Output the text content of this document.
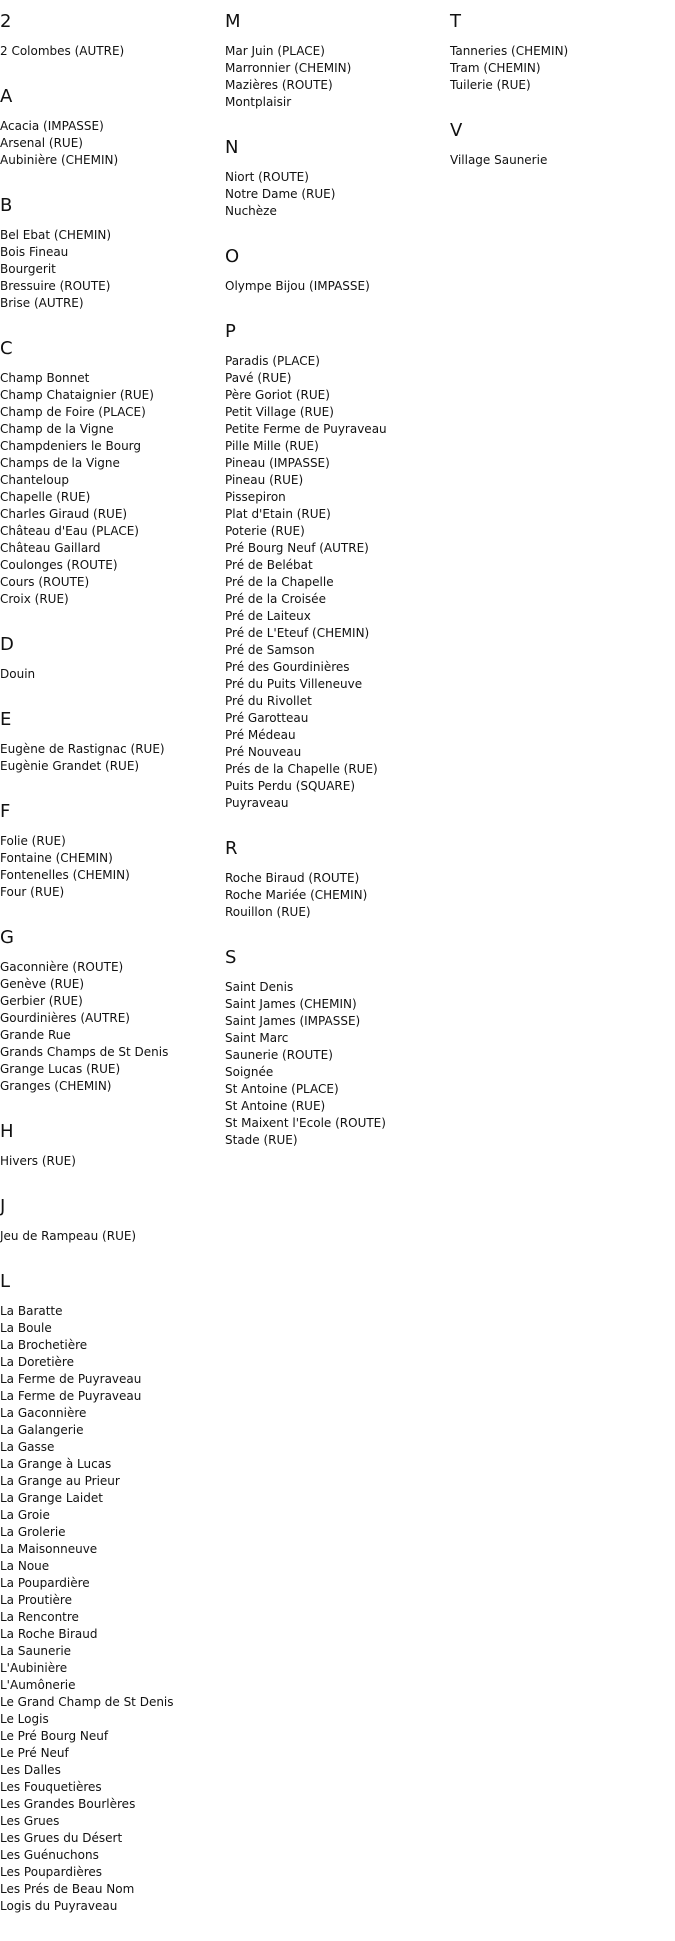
2
2 Colombes (AUTRE)
A
Acacia (IMPASSE)
Arsenal (RUE)
Aubinière (CHEMIN)
B
Bel Ebat (CHEMIN)
Bois Fineau
Bourgerit
Bressuire (ROUTE)
Brise (AUTRE)
C
Champ Bonnet
Champ Chataignier (RUE)
Champ de Foire (PLACE)
Champ de la Vigne
Champdeniers le Bourg
Champs de la Vigne
Chanteloup
Chapelle (RUE)
Charles Giraud (RUE)
Château d'Eau (PLACE)
Château Gaillard
Coulonges (ROUTE)
Cours (ROUTE)
Croix (RUE)
D
Douin
E
Eugène de Rastignac (RUE)
Eugènie Grandet (RUE)
F
Folie (RUE)
Fontaine (CHEMIN)
Fontenelles (CHEMIN)
Four (RUE)
G
Gaconnière (ROUTE)
Genève (RUE)
Gerbier (RUE)
Gourdinières (AUTRE)
Grande Rue
Grands Champs de St Denis
Grange Lucas (RUE)
Granges (CHEMIN)
H
Hivers (RUE)
J
Jeu de Rampeau (RUE)
L
La Baratte
La Boule
La Brochetière
La Doretière
La Ferme de Puyraveau
La Ferme de Puyraveau
La Gaconnière
La Galangerie
La Gasse
La Grange à Lucas
La Grange au Prieur
La Grange Laidet
La Groie
La Grolerie
La Maisonneuve
La Noue
La Poupardière
La Proutière
La Rencontre
La Roche Biraud
La Saunerie
L'Aubinière
L'Aumônerie
Le Grand Champ de St Denis
Le Logis
Le Pré Bourg Neuf
Le Pré Neuf
Les Dalles
Les Fouquetières
Les Grandes Bourlères
Les Grues
Les Grues du Désert
Les Guénuchons
Les Poupardières
Les Prés de Beau Nom
Logis du Puyraveau
M
Mar Juin (PLACE)
Marronnier (CHEMIN)
Mazières (ROUTE)
Montplaisir
N
Niort (ROUTE)
Notre Dame (RUE)
Nuchèze
O
Olympe Bijou (IMPASSE)
P
Paradis (PLACE)
Pavé (RUE)
Père Goriot (RUE)
Petit Village (RUE)
Petite Ferme de Puyraveau
Pille Mille (RUE)
Pineau (IMPASSE)
Pineau (RUE)
Pissepiron
Plat d'Etain (RUE)
Poterie (RUE)
Pré Bourg Neuf (AUTRE)
Pré de Belébat
Pré de la Chapelle
Pré de la Croisée
Pré de Laiteux
Pré de L'Eteuf (CHEMIN)
Pré de Samson
Pré des Gourdinières
Pré du Puits Villeneuve
Pré du Rivollet
Pré Garotteau
Pré Médeau
Pré Nouveau
Prés de la Chapelle (RUE)
Puits Perdu (SQUARE)
Puyraveau
R
Roche Biraud (ROUTE)
Roche Mariée (CHEMIN)
Rouillon (RUE)
S
Saint Denis
Saint James (CHEMIN)
Saint James (IMPASSE)
Saint Marc
Saunerie (ROUTE)
Soignée
St Antoine (PLACE)
St Antoine (RUE)
St Maixent l'Ecole (ROUTE)
Stade (RUE)
T
Tanneries (CHEMIN)
Tram (CHEMIN)
Tuilerie (RUE)
V
Village Saunerie
